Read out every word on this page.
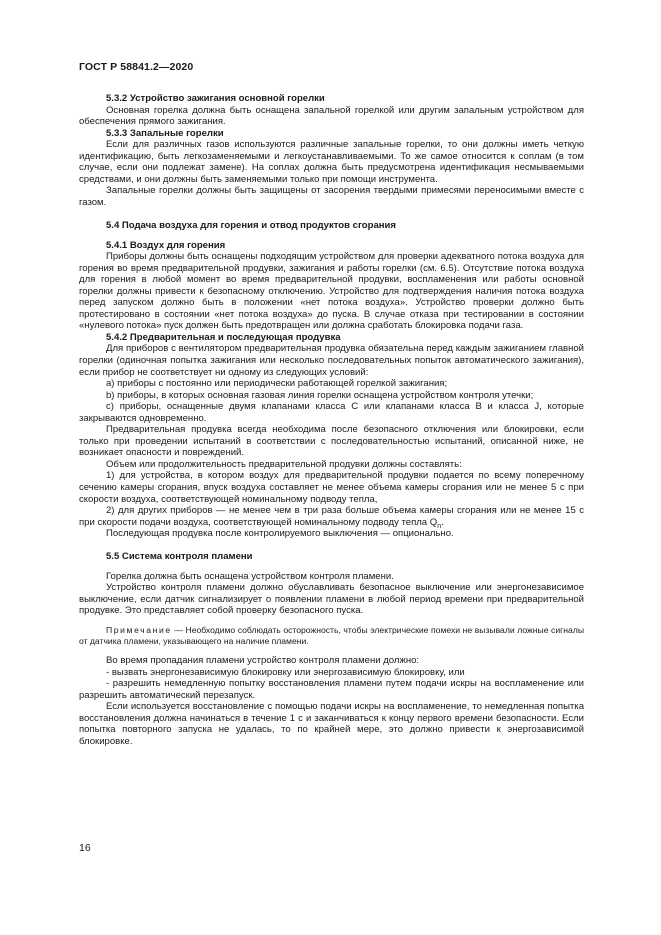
ГОСТ Р 58841.2—2020

5.3.2 Устройство зажигания основной горелки

Основная горелка должна быть оснащена запальной горелкой или другим запальным устройством для обеспечения прямого зажигания.

5.3.3 Запальные горелки

Если для различных газов используются различные запальные горелки, то они должны иметь четкую идентификацию, быть легкозаменяемыми и легкоустанавливаемыми. То же самое относится к соплам (в том случае, если они подлежат замене). На соплах должна быть предусмотрена идентификация несмываемыми средствами, и они должны быть заменяемыми только при помощи инструмента.

Запальные горелки должны быть защищены от засорения твердыми примесями переносимыми вместе с газом.

5.4 Подача воздуха для горения и отвод продуктов сгорания

5.4.1 Воздух для горения

Приборы должны быть оснащены подходящим устройством для проверки адекватного потока воздуха для горения во время предварительной продувки, зажигания и работы горелки (см. 6.5). Отсутствие потока воздуха для горения в любой момент во время предварительной продувки, воспламенения или работы основной горелки должны привести к безопасному отключению. Устройство для подтверждения наличия потока воздуха перед запуском должно быть в положении «нет потока воздуха». Устройство проверки должно быть протестировано в состоянии «нет потока воздуха» до пуска. В случае отказа при тестировании в состоянии «нулевого потока» пуск должен быть предотвращен или должна сработать блокировка подачи газа.

5.4.2 Предварительная и последующая продувка

Для приборов с вентилятором предварительная продувка обязательна перед каждым зажиганием главной горелки (одиночная попытка зажигания или несколько последовательных попыток автоматического зажигания), если прибор не соответствует ни одному из следующих условий:

а) приборы с постоянно или периодически работающей горелкой зажигания;

b) приборы, в которых основная газовая линия горелки оснащена устройством контроля утечки;

с) приборы, оснащенные двумя клапанами класса С или клапанами класса В и класса J, которые закрываются одновременно.

Предварительная продувка всегда необходима после безопасного отключения или блокировки, если только при проведении испытаний в соответствии с последовательностью испытаний, описанной ниже, не возникает опасности и повреждений.

Объем или продолжительность предварительной продувки должны составлять:

1) для устройства, в котором воздух для предварительной продувки подается по всему поперечному сечению камеры сгорания, впуск воздуха составляет не менее объема камеры сгорания или не менее 5 с при скорости воздуха, соответствующей номинальному подводу тепла,

2) для других приборов — не менее чем в три раза больше объема камеры сгорания или не менее 15 с при скорости подачи воздуха, соответствующей номинальному подводу тепла $Q_n$.

Последующая продувка после контролируемого выключения — опционально.

5.5 Система контроля пламени

Горелка должна быть оснащена устройством контроля пламени.

Устройство контроля пламени должно обуславливать безопасное выключение или энергонезависимое выключение, если датчик сигнализирует о появлении пламени в любой период времени при предварительной продувке. Это представляет собой проверку безопасного пуска.

Примечание — Необходимо соблюдать осторожность, чтобы электрические помехи не вызывали ложные сигналы от датчика пламени, указывающего на наличие пламени.

Во время пропадания пламени устройство контроля пламени должно:

- вызвать энергонезависимую блокировку или энергозависимую блокировку, или

- разрешить немедленную попытку восстановления пламени путем подачи искры на воспламенение или разрешить автоматический перезапуск.

Если используется восстановление с помощью подачи искры на воспламенение, то немедленная попытка восстановления должна начинаться в течение 1 с и заканчиваться к концу первого времени безопасности. Если попытка повторного запуска не удалась, то по крайней мере, это должно привести к энергозависимой блокировке.

16
